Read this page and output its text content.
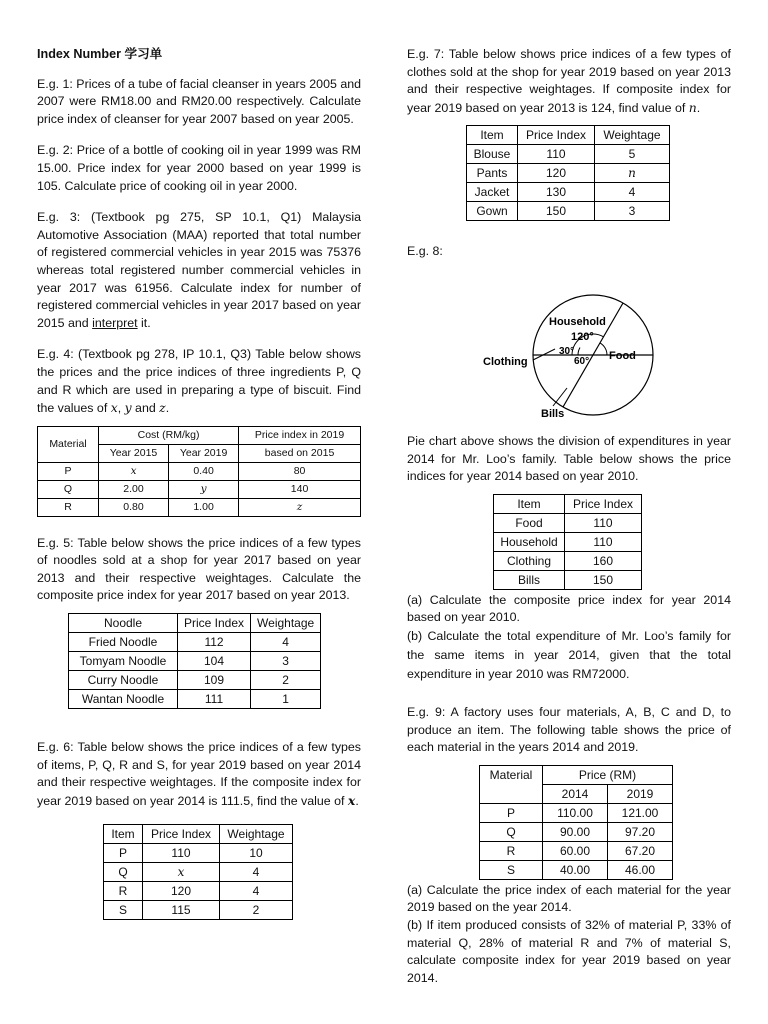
Index Number 学习单

E.g. 1: Prices of a tube of facial cleanser in years 2005 and 2007 were RM18.00 and RM20.00 respectively. Calculate price index of cleanser for year 2007 based on year 2005.

E.g. 2: Price of a bottle of cooking oil in year 1999 was RM 15.00. Price index for year 2000 based on year 1999 is 105. Calculate price of cooking oil in year 2000.

E.g. 3: (Textbook pg 275, SP 10.1, Q1) Malaysia Automotive Association (MAA) reported that total number of registered commercial vehicles in year 2015 was 75376 whereas total registered number commercial vehicles in year 2017 was 61956. Calculate index for number of registered commercial vehicles in year 2017 based on year 2015 and interpret it.

E.g. 4: (Textbook pg 278, IP 10.1, Q3) Table below shows the prices and the price indices of three ingredients P, Q and R which are used in preparing a type of biscuit. Find the values of x, y and z.

Material	Cost (RM/kg)		Price index in 2019
	Year 2015	Year 2019	based on 2015
P	x	0.40	80
Q	2.00	y	140
R	0.80	1.00	z

E.g. 5: Table below shows the price indices of a few types of noodles sold at a shop for year 2017 based on year 2013 and their respective weightages. Calculate the composite price index for year 2017 based on year 2013.

Noodle	Price Index	Weightage
Fried Noodle	112	4
Tomyam Noodle	104	3
Curry Noodle	109	2
Wantan Noodle	111	1

E.g. 6: Table below shows the price indices of a few types of items, P, Q, R and S, for year 2019 based on year 2014 and their respective weightages. If the composite index for year 2019 based on year 2014 is 111.5, find the value of x.

Item	Price Index	Weightage
P	110	10
Q	x	4
R	120	4
S	115	2

E.g. 7: Table below shows price indices of a few types of clothes sold at the shop for year 2019 based on year 2013 and their respective weightages. If composite index for year 2019 based on year 2013 is 124, find value of n.

Item	Price Index	Weightage
Blouse	110	5
Pants	120	n
Jacket	130	4
Gown	150	3

E.g. 8:

Household
120°
30°
60° Food
Clothing
Bills

Pie chart above shows the division of expenditures in year 2014 for Mr. Loo’s family. Table below shows the price indices for year 2014 based on year 2010.

Item	Price Index
Food	110
Household	110
Clothing	160
Bills	150

(a) Calculate the composite price index for year 2014 based on year 2010.

(b) Calculate the total expenditure of Mr. Loo’s family for the same items in year 2014, given that the total expenditure in year 2010 was RM72000.

E.g. 9: A factory uses four materials, A, B, C and D, to produce an item. The following table shows the price of each material in the years 2014 and 2019.

Material	Price (RM)	
	2014	2019
P	110.00	121.00
Q	90.00	97.20
R	60.00	67.20
S	40.00	46.00

(a) Calculate the price index of each material for the year 2019 based on the year 2014.

(b) If item produced consists of 32% of material P, 33% of material Q, 28% of material R and 7% of material S, calculate composite index for year 2019 based on year 2014.
